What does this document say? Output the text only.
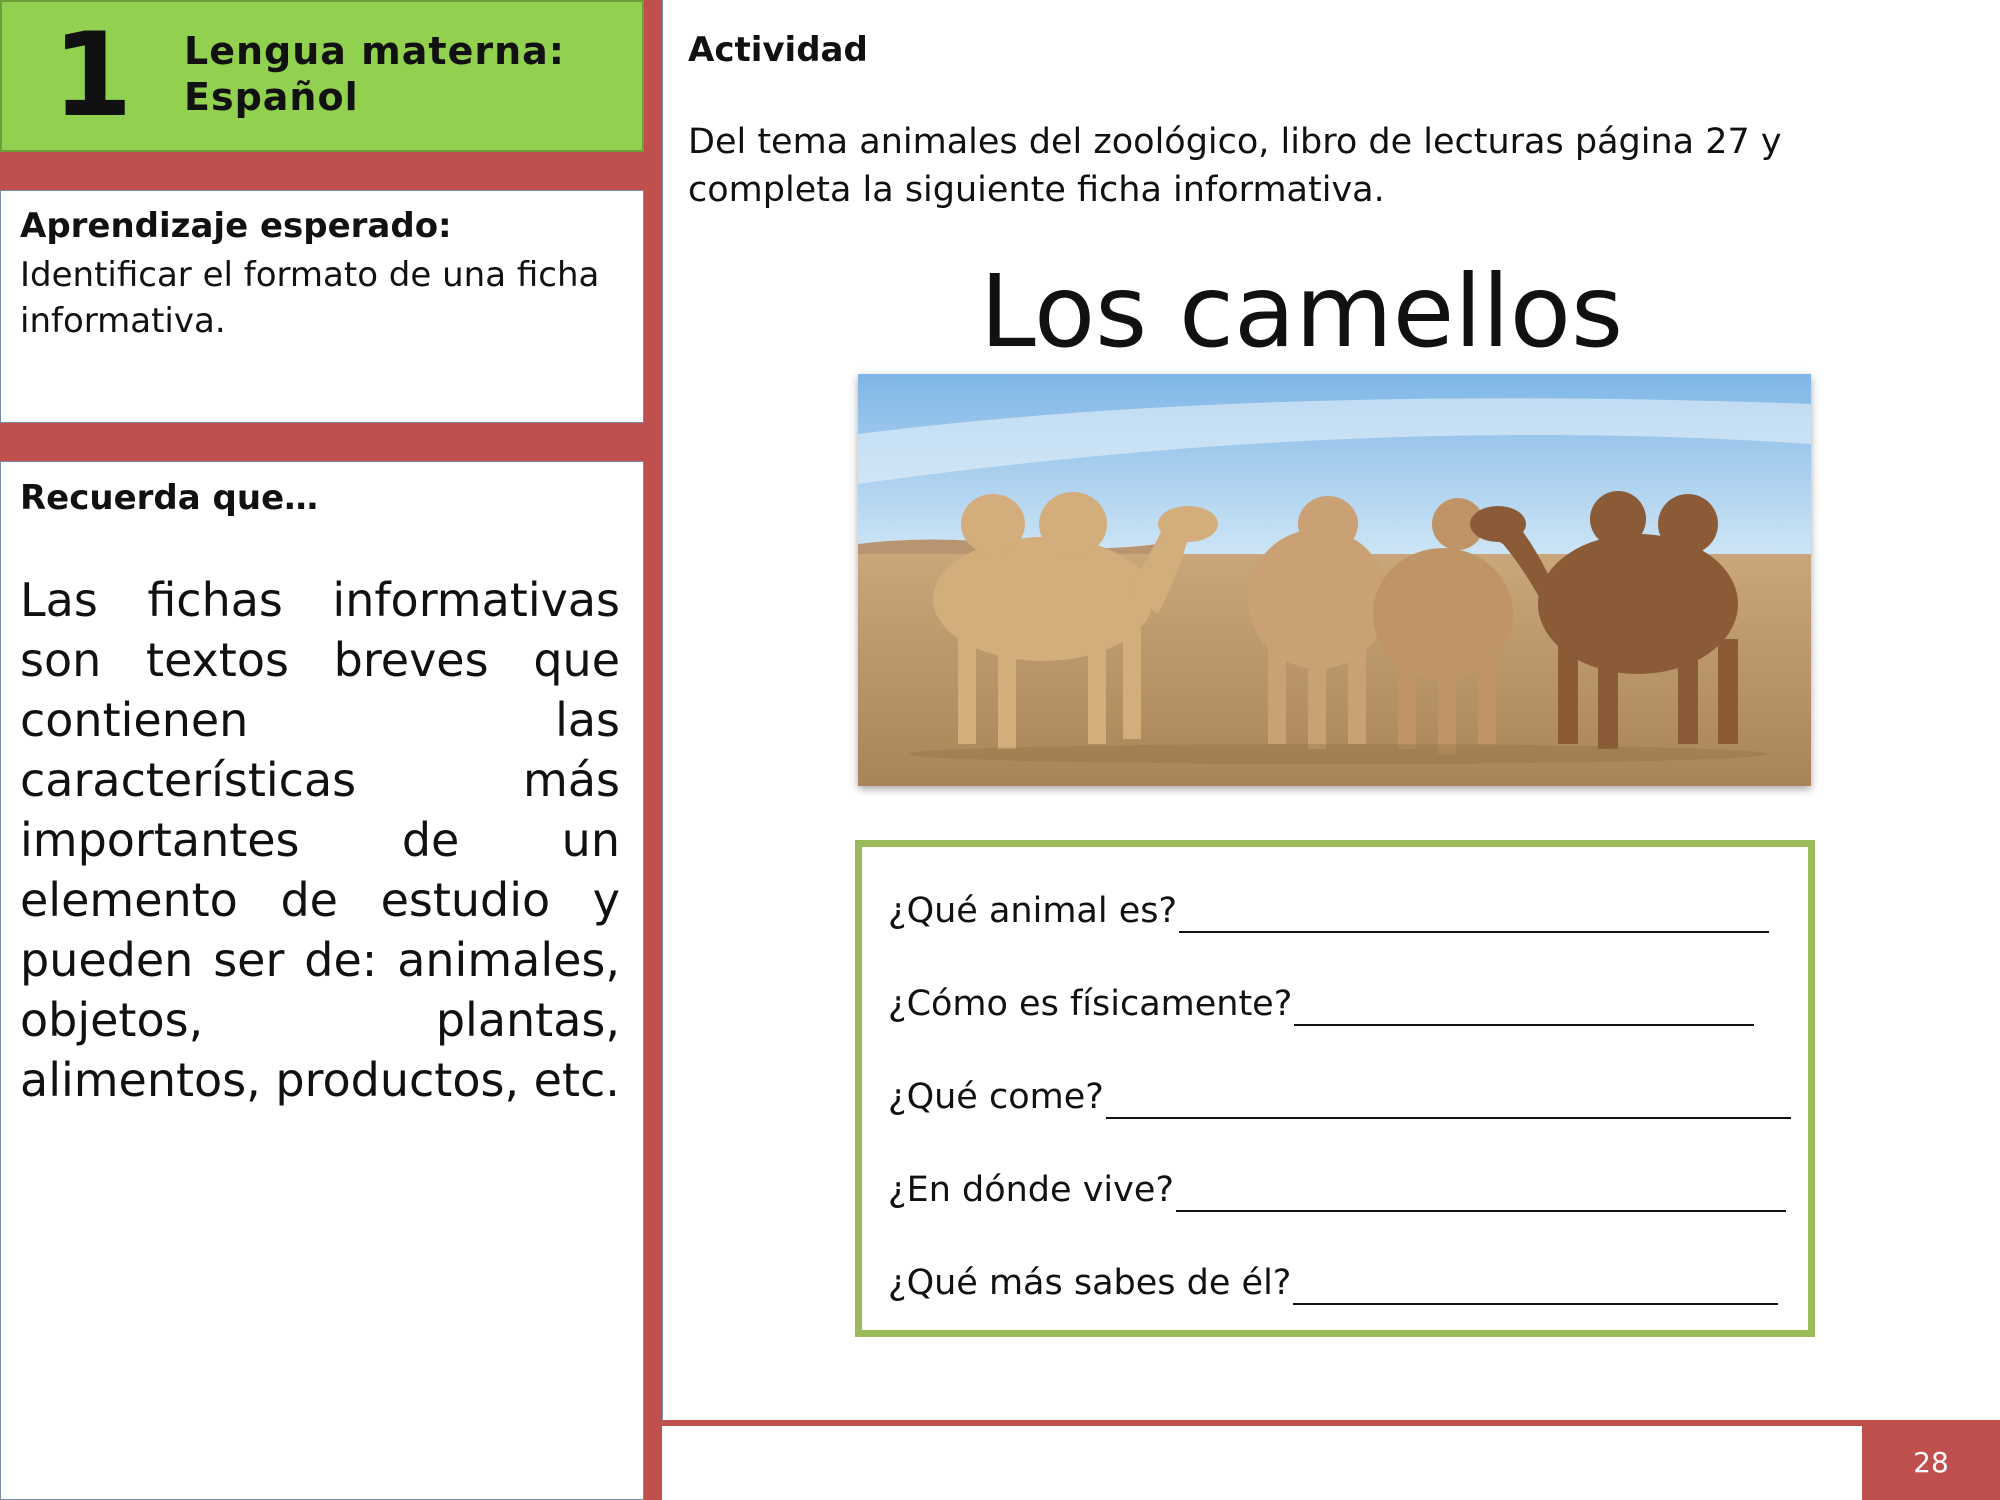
1 Lengua materna:
Español
Aprendizaje esperado:
Identificar el formato de una ficha informativa.
Recuerda que…
Las fichas informativas son textos breves que contienen las características más importantes de un elemento de estudio y pueden ser de: animales, objetos, plantas, alimentos, productos, etc.
28
Actividad
Del tema animales del zoológico, libro de lecturas página 27 y completa la siguiente ficha informativa.
Los camellos
¿Qué animal es?
¿Cómo es físicamente?
¿Qué come?
¿En dónde vive?
¿Qué más sabes de él?
